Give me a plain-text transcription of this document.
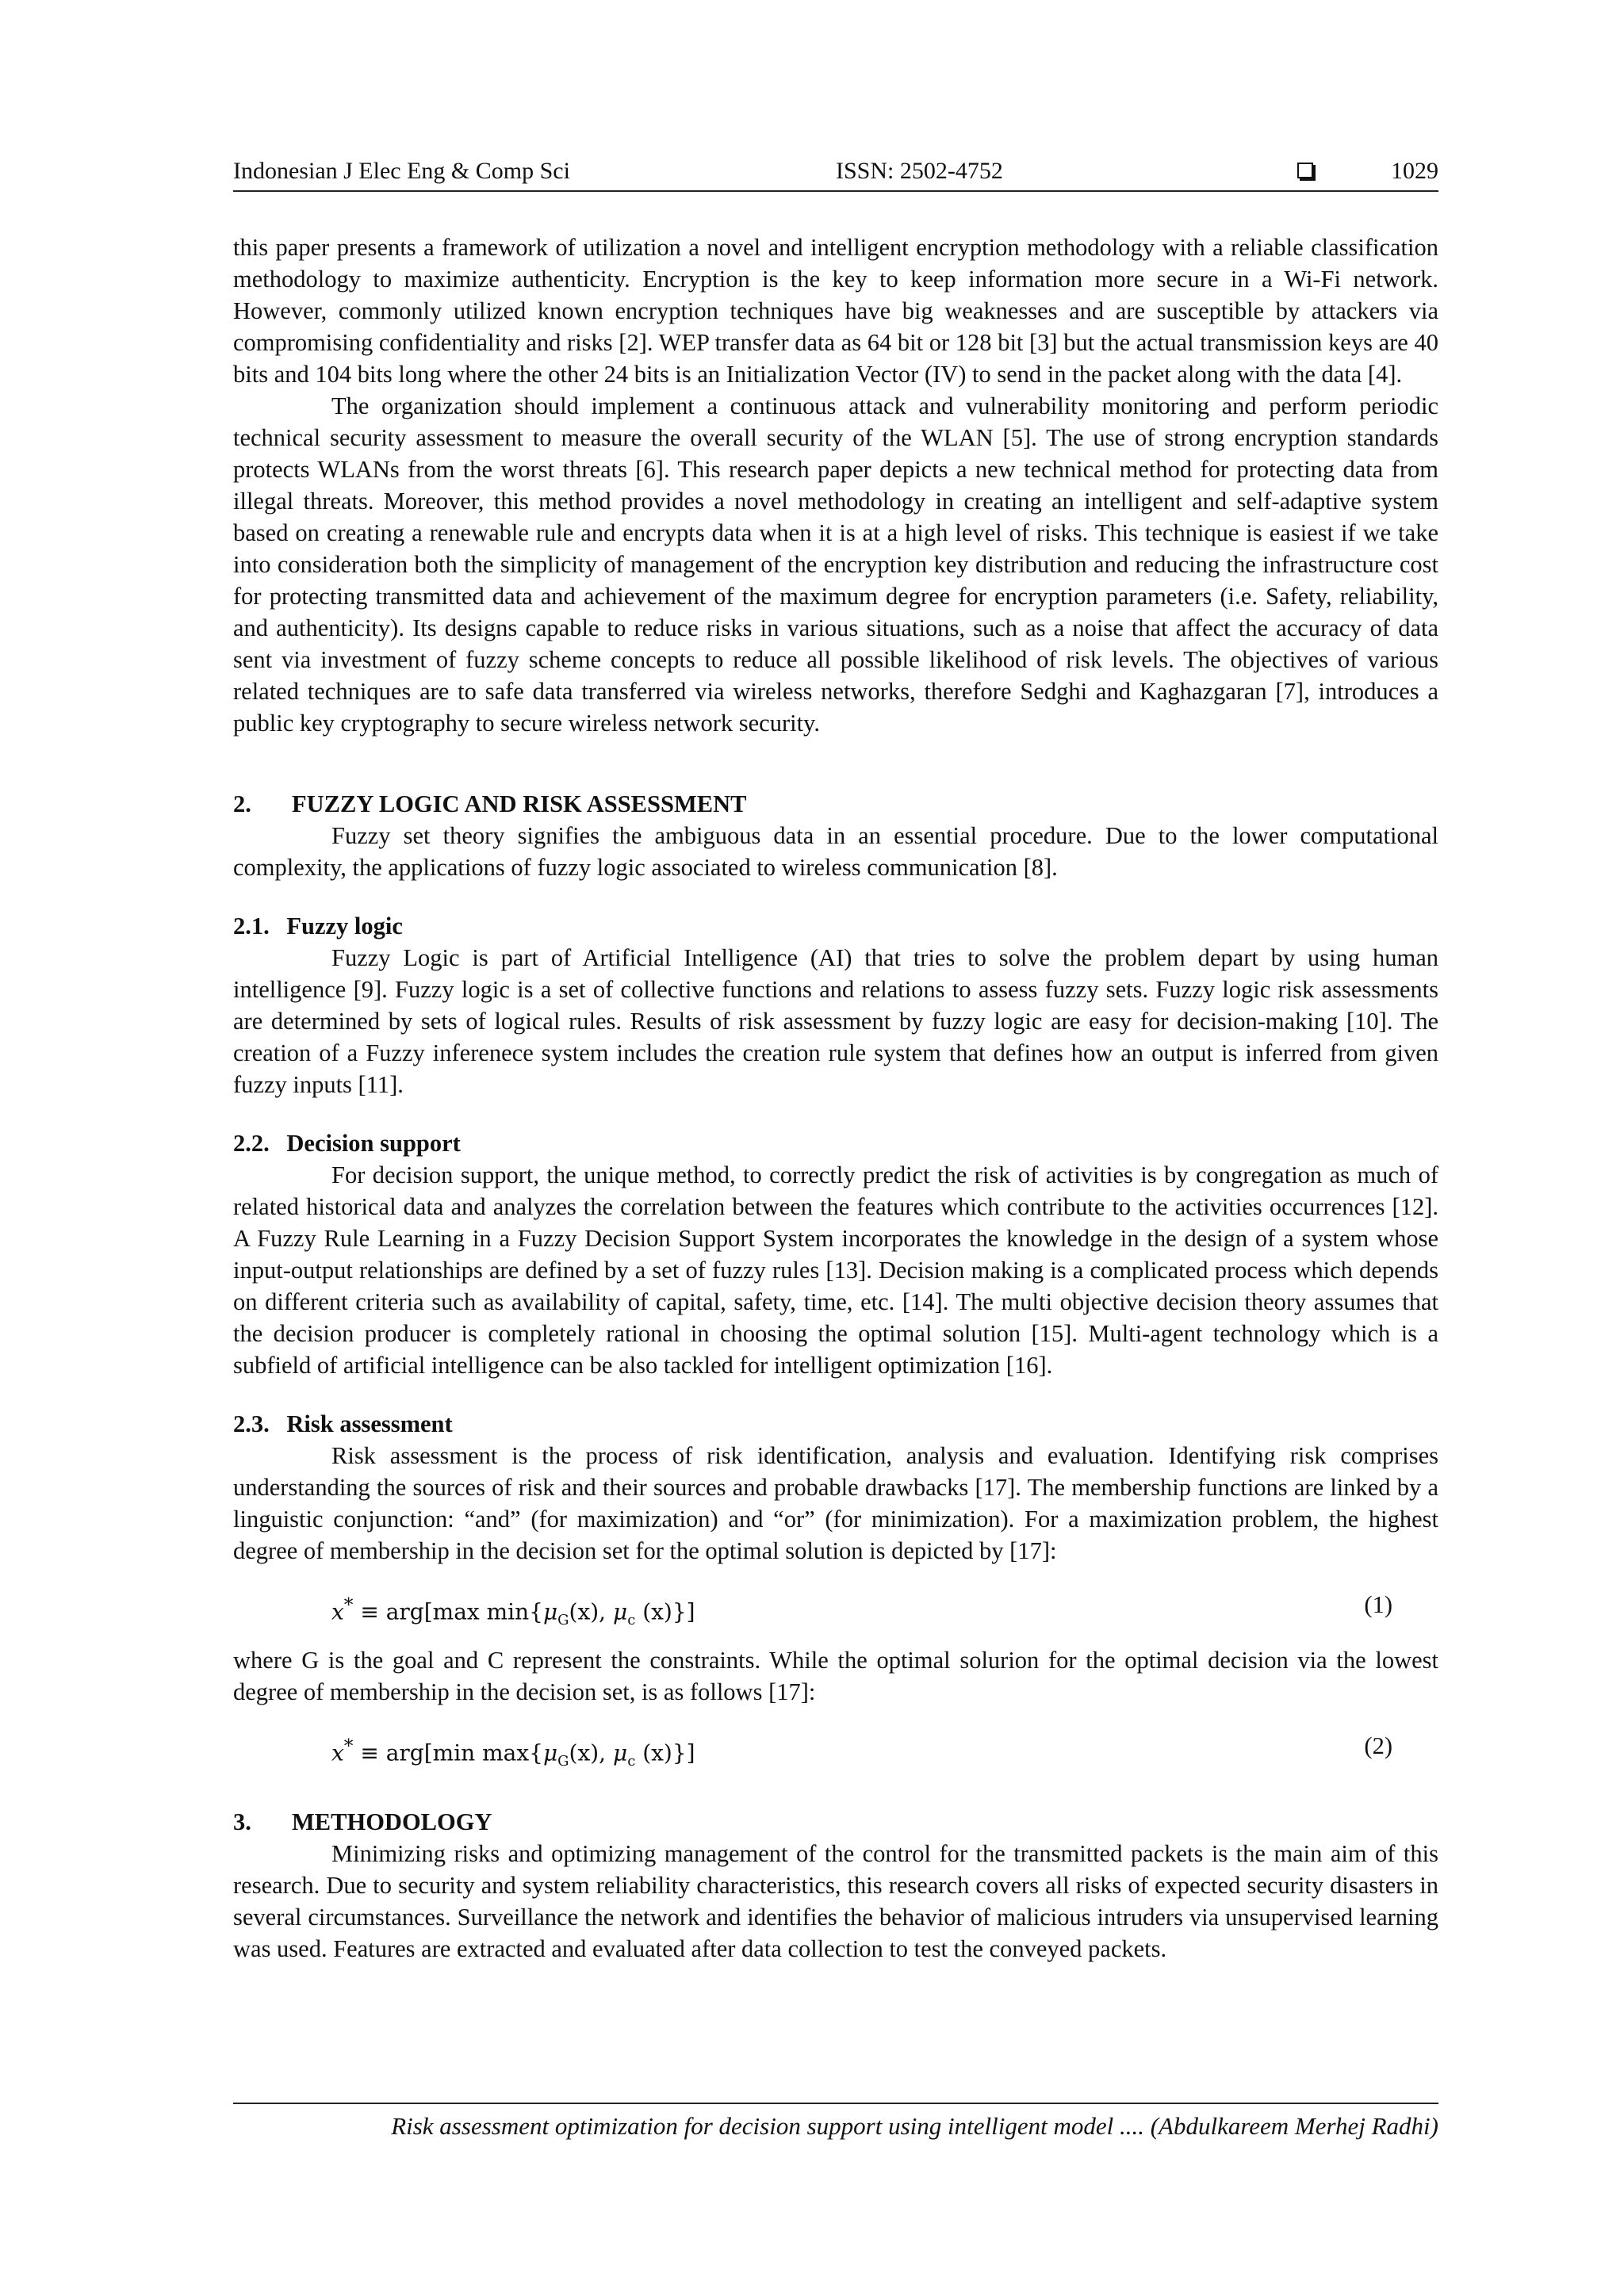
Indonesian J Elec Eng & Comp Sci	ISSN: 2502-4752	1029

this paper presents a framework of utilization a novel and intelligent encryption methodology with a reliable classification methodology to maximize authenticity. Encryption is the key to keep information more secure in a Wi-Fi network. However, commonly utilized known encryption techniques have big weaknesses and are susceptible by attackers via compromising confidentiality and risks [2]. WEP transfer data as 64 bit or 128 bit [3] but the actual transmission keys are 40 bits and 104 bits long where the other 24 bits is an Initialization Vector (IV) to send in the packet along with the data [4].

The organization should implement a continuous attack and vulnerability monitoring and perform periodic technical security assessment to measure the overall security of the WLAN [5]. The use of strong encryption standards protects WLANs from the worst threats [6]. This research paper depicts a new technical method for protecting data from illegal threats. Moreover, this method provides a novel methodology in creating an intelligent and self-adaptive system based on creating a renewable rule and encrypts data when it is at a high level of risks. This technique is easiest if we take into consideration both the simplicity of management of the encryption key distribution and reducing the infrastructure cost for protecting transmitted data and achievement of the maximum degree for encryption parameters (i.e. Safety, reliability, and authenticity). Its designs capable to reduce risks in various situations, such as a noise that affect the accuracy of data sent via investment of fuzzy scheme concepts to reduce all possible likelihood of risk levels. The objectives of various related techniques are to safe data transferred via wireless networks, therefore Sedghi and Kaghazgaran [7], introduces a public key cryptography to secure wireless network security.

2.	FUZZY LOGIC AND RISK ASSESSMENT

Fuzzy set theory signifies the ambiguous data in an essential procedure. Due to the lower computational complexity, the applications of fuzzy logic associated to wireless communication [8].

2.1. Fuzzy logic

Fuzzy Logic is part of Artificial Intelligence (AI) that tries to solve the problem depart by using human intelligence [9]. Fuzzy logic is a set of collective functions and relations to assess fuzzy sets. Fuzzy logic risk assessments are determined by sets of logical rules. Results of risk assessment by fuzzy logic are easy for decision-making [10]. The creation of a Fuzzy inferenece system includes the creation rule system that defines how an output is inferred from given fuzzy inputs [11].

2.2. Decision support

For decision support, the unique method, to correctly predict the risk of activities is by congregation as much of related historical data and analyzes the correlation between the features which contribute to the activities occurrences [12]. A Fuzzy Rule Learning in a Fuzzy Decision Support System incorporates the knowledge in the design of a system whose input-output relationships are defined by a set of fuzzy rules [13]. Decision making is a complicated process which depends on different criteria such as availability of capital, safety, time, etc. [14]. The multi objective decision theory assumes that the decision producer is completely rational in choosing the optimal solution [15]. Multi-agent technology which is a subfield of artificial intelligence can be also tackled for intelligent optimization [16].

2.3. Risk assessment

Risk assessment is the process of risk identification, analysis and evaluation. Identifying risk comprises understanding the sources of risk and their sources and probable drawbacks [17]. The membership functions are linked by a linguistic conjunction: “and” (for maximization) and “or” (for minimization). For a maximization problem, the highest degree of membership in the decision set for the optimal solution is depicted by [17]:

x* ≡ arg[max $\min\{\mu_G(x)$, $\mu_c$ (x)}]	(1)

where G is the goal and C represent the constraints. While the optimal solurion for the optimal decision via the lowest degree of membership in the decision set, is as follows [17]:

x* ≡ arg[min $\max\{\mu_G(x)$, $\mu_c$ (x)}]	(2)
3.	METHODOLOGY

Minimizing risks and optimizing management of the control for the transmitted packets is the main aim of this research. Due to security and system reliability characteristics, this research covers all risks of expected security disasters in several circumstances. Surveillance the network and identifies the behavior of malicious intruders via unsupervised learning was used. Features are extracted and evaluated after data collection to test the conveyed packets.

Risk assessment optimization for decision support using intelligent model .... (Abdulkareem Merhej Radhi)
